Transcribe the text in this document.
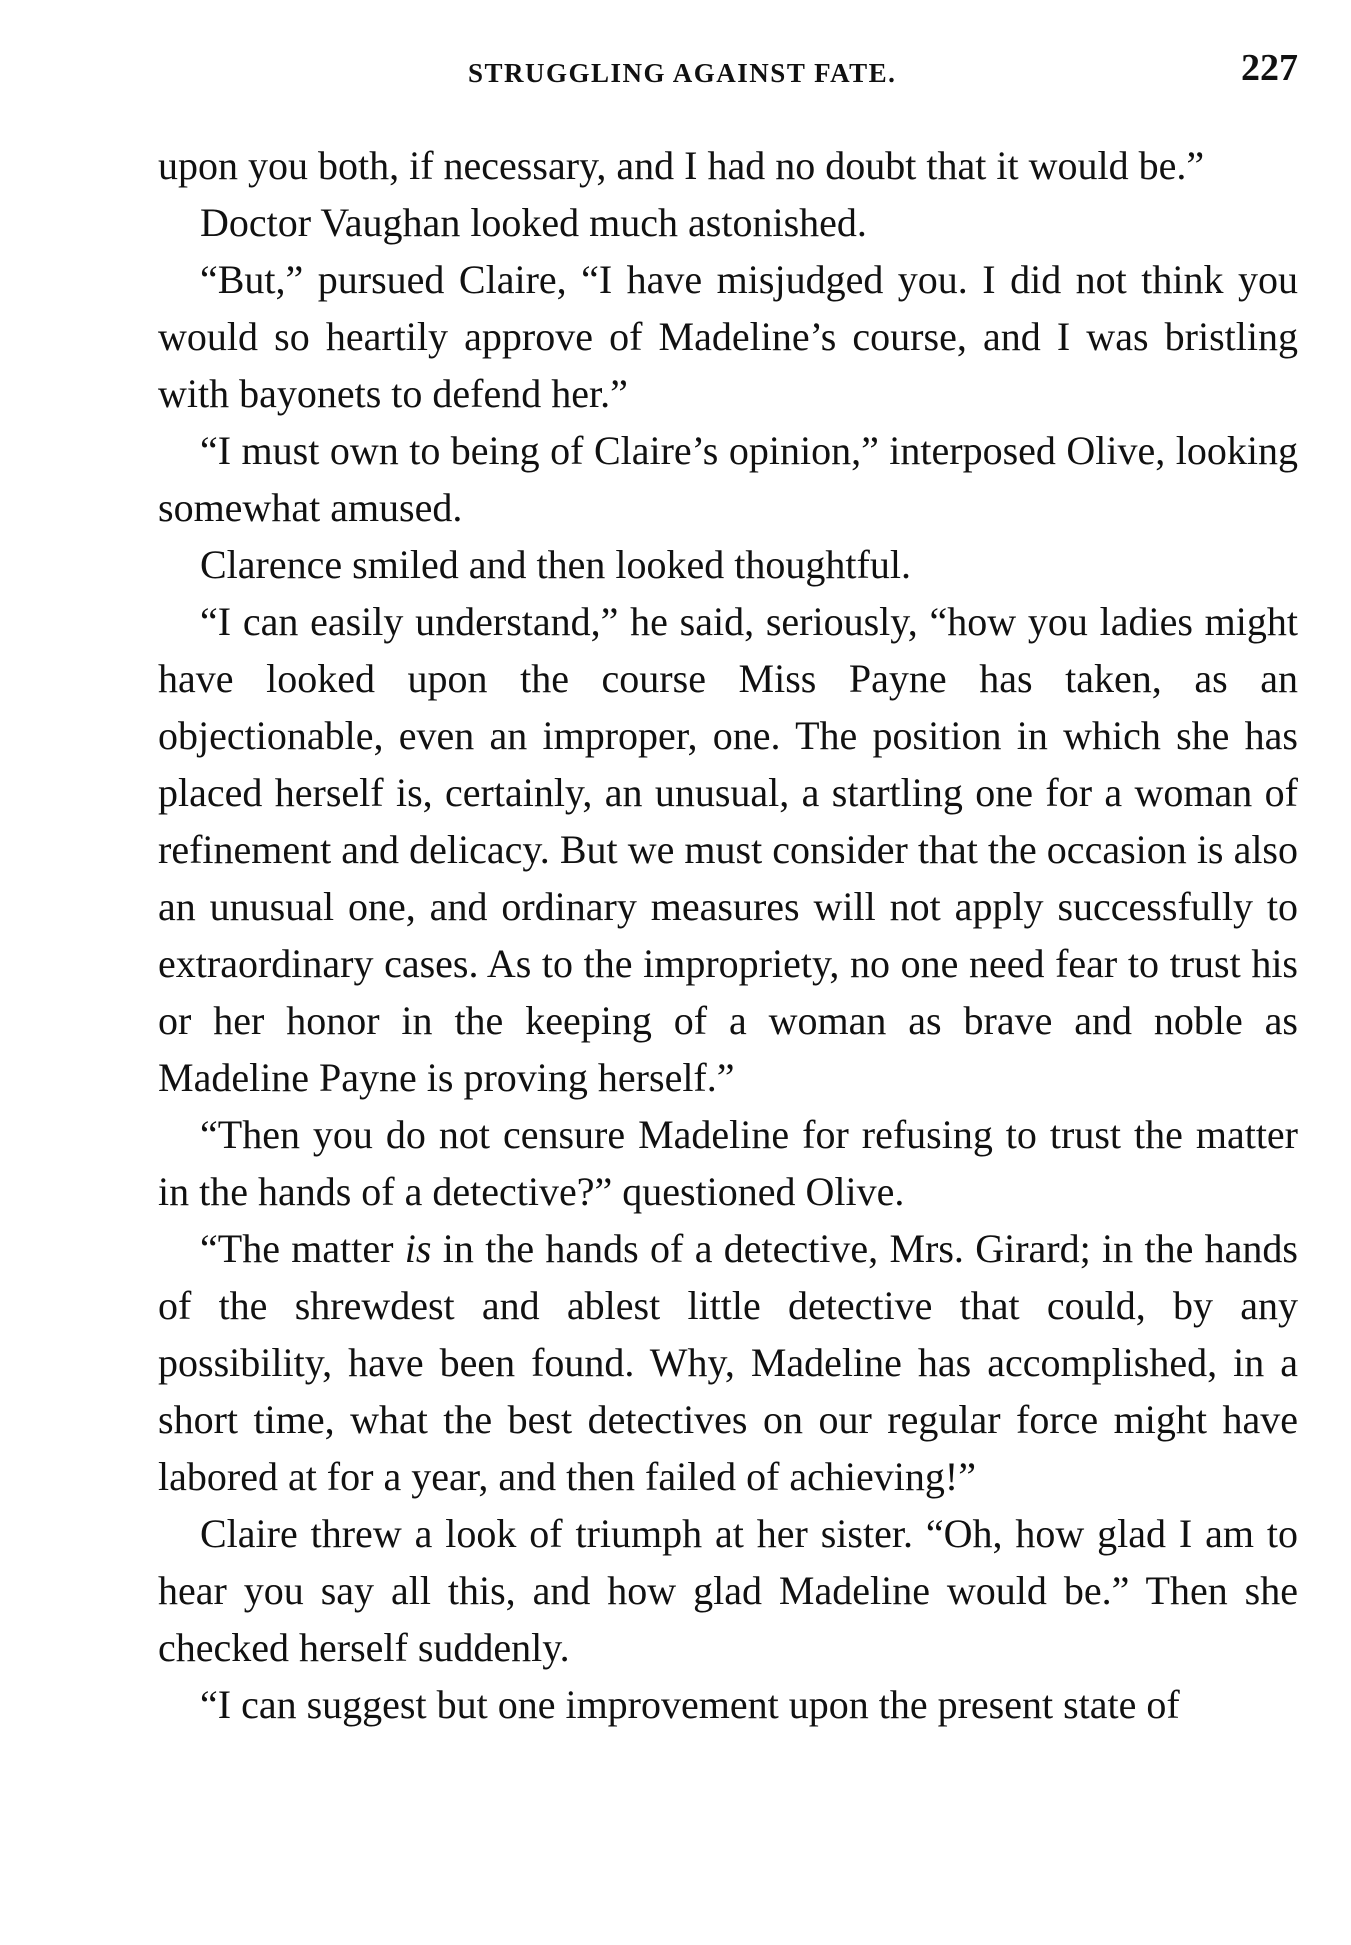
STRUGGLING AGAINST FATE.	227

upon you both, if necessary, and I had no doubt that it would be.”

Doctor Vaughan looked much astonished.

“But,” pursued Claire, “I have misjudged you. I did not think you would so heartily approve of Madeline’s course, and I was bristling with bayonets to defend her.”

“I must own to being of Claire’s opinion,” interposed Olive, looking somewhat amused.

Clarence smiled and then looked thoughtful.

“I can easily understand,” he said, seriously, “how you ladies might have looked upon the course Miss Payne has taken, as an objectionable, even an improper, one. The position in which she has placed herself is, certainly, an unusual, a startling one for a woman of refinement and delicacy. But we must consider that the occasion is also an unusual one, and ordinary measures will not apply successfully to extraordinary cases. As to the impropriety, no one need fear to trust his or her honor in the keeping of a woman as brave and noble as Madeline Payne is proving herself.”

“Then you do not censure Madeline for refusing to trust the matter in the hands of a detective?” questioned Olive.

“The matter is in the hands of a detective, Mrs. Girard; in the hands of the shrewdest and ablest little detective that could, by any possibility, have been found. Why, Madeline has accomplished, in a short time, what the best detectives on our regular force might have labored at for a year, and then failed of achieving!”

Claire threw a look of triumph at her sister. “Oh, how glad I am to hear you say all this, and how glad Madeline would be.” Then she checked herself suddenly.

“I can suggest but one improvement upon the present state of
